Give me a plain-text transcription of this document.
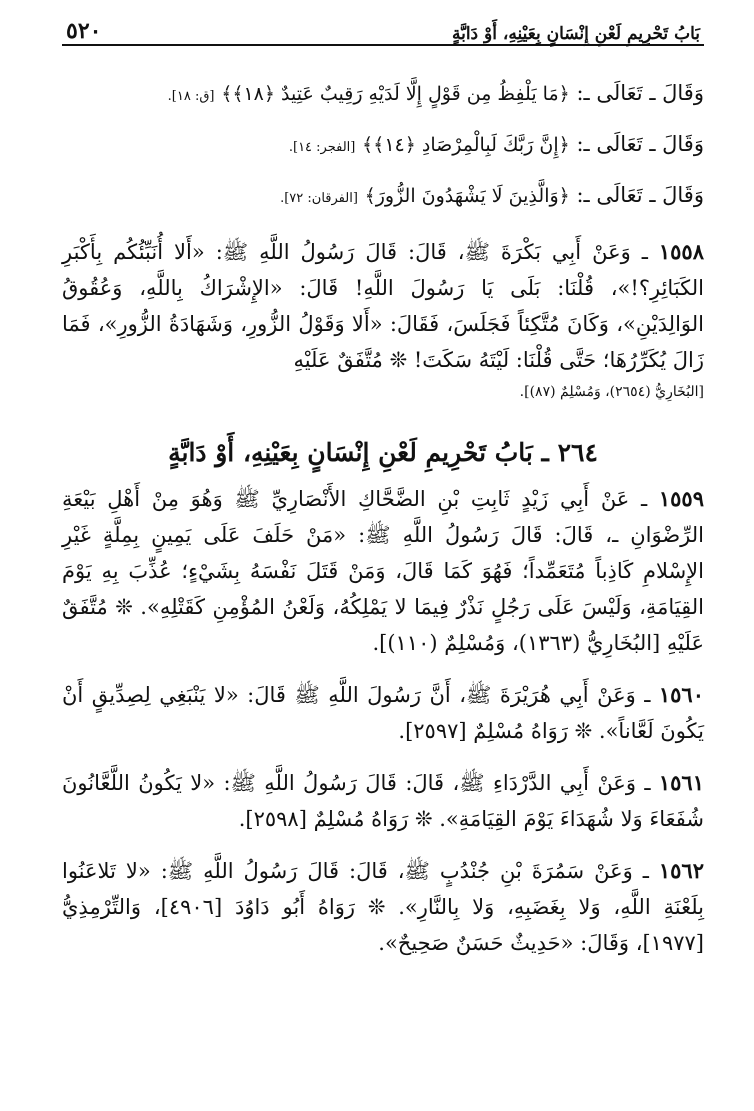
بَابُ تَحْرِيمِ لَعْنِ إِنْسَانٍ بِعَيْنِهِ، أَوْ دَابَّةٍ
٥٢٠

وَقَالَ ـ تَعَالَى ـ: ﴿مَا يَلْفِظُ مِن قَوْلٍ إِلَّا لَدَيْهِ رَقِيبٌ عَتِيدٌ ﴿١٨﴾﴾ [ق: ١٨].

وَقَالَ ـ تَعَالَى ـ: ﴿إِنَّ رَبَّكَ لَبِالْمِرْصَادِ ﴿١٤﴾﴾ [الفجر: ١٤].

وَقَالَ ـ تَعَالَى ـ: ﴿وَالَّذِينَ لَا يَشْهَدُونَ الزُّورَ﴾ [الفرقان: ٧٢].

١٥٥٨ ـ وَعَنْ أَبِي بَكْرَةَ ﷺ، قَالَ: قَالَ رَسُولُ اللَّهِ ﷺ: «أَلا أُنَبِّئُكُم بِأَكْبَرِ الكَبَائِرِ؟!»، قُلْنَا: بَلَى يَا رَسُولَ اللَّهِ! قَالَ: «الإِشْرَاكُ بِاللَّهِ، وَعُقُوقُ الوَالِدَيْنِ»، وَكَانَ مُتَّكِئاً فَجَلَسَ، فَقَالَ: «أَلا وَقَوْلُ الزُّورِ، وَشَهَادَةُ الزُّورِ»، فَمَا زَالَ يُكَرِّرُهَا؛ حَتَّى قُلْنَا: لَيْتَهُ سَكَتَ! ❊ مُتَّفَقٌ عَلَيْهِ

[البُخَارِيُّ (٢٦٥٤)، وَمُسْلِمٌ (٨٧)].

٢٦٤ ـ بَابُ تَحْرِيمِ لَعْنِ إِنْسَانٍ بِعَيْنِهِ، أَوْ دَابَّةٍ

١٥٥٩ ـ عَنْ أَبِي زَيْدٍ ثَابِتِ بْنِ الضَّحَّاكِ الأَنْصَارِيِّ ﷺ وَهُوَ مِنْ أَهْلِ بَيْعَةِ الرِّضْوَانِ ـ، قَالَ: قَالَ رَسُولُ اللَّهِ ﷺ: «مَنْ حَلَفَ عَلَى يَمِينٍ بِمِلَّةٍ غَيْرِ الإِسْلامِ كَاذِباً مُتَعَمِّداً؛ فَهُوَ كَمَا قَالَ، وَمَنْ قَتَلَ نَفْسَهُ بِشَيْءٍ؛ عُذِّبَ بِهِ يَوْمَ القِيَامَةِ، وَلَيْسَ عَلَى رَجُلٍ نَذْرٌ فِيمَا لا يَمْلِكُهُ، وَلَعْنُ المُؤْمِنِ كَقَتْلِهِ». ❊ مُتَّفَقٌ عَلَيْهِ [البُخَارِيُّ (١٣٦٣)، وَمُسْلِمٌ (١١٠)].

١٥٦٠ ـ وَعَنْ أَبِي هُرَيْرَةَ ﷺ، أَنَّ رَسُولَ اللَّهِ ﷺ قَالَ: «لا يَنْبَغِي لِصِدِّيقٍ أَنْ يَكُونَ لَعَّاناً». ❊ رَوَاهُ مُسْلِمٌ [٢٥٩٧].

١٥٦١ ـ وَعَنْ أَبِي الدَّرْدَاءِ ﷺ، قَالَ: قَالَ رَسُولُ اللَّهِ ﷺ: «لا يَكُونُ اللَّعَّانُونَ شُفَعَاءَ وَلا شُهَدَاءَ يَوْمَ القِيَامَةِ». ❊ رَوَاهُ مُسْلِمٌ [٢٥٩٨].

١٥٦٢ ـ وَعَنْ سَمُرَةَ بْنِ جُنْدُبٍ ﷺ، قَالَ: قَالَ رَسُولُ اللَّهِ ﷺ: «لا تَلاعَنُوا بِلَعْنَةِ اللَّهِ، وَلا بِغَضَبِهِ، وَلا بِالنَّارِ». ❊ رَوَاهُ أَبُو دَاوُدَ [٤٩٠٦]، وَالتِّرْمِذِيُّ [١٩٧٧]، وَقَالَ: «حَدِيثٌ حَسَنٌ صَحِيحٌ».
